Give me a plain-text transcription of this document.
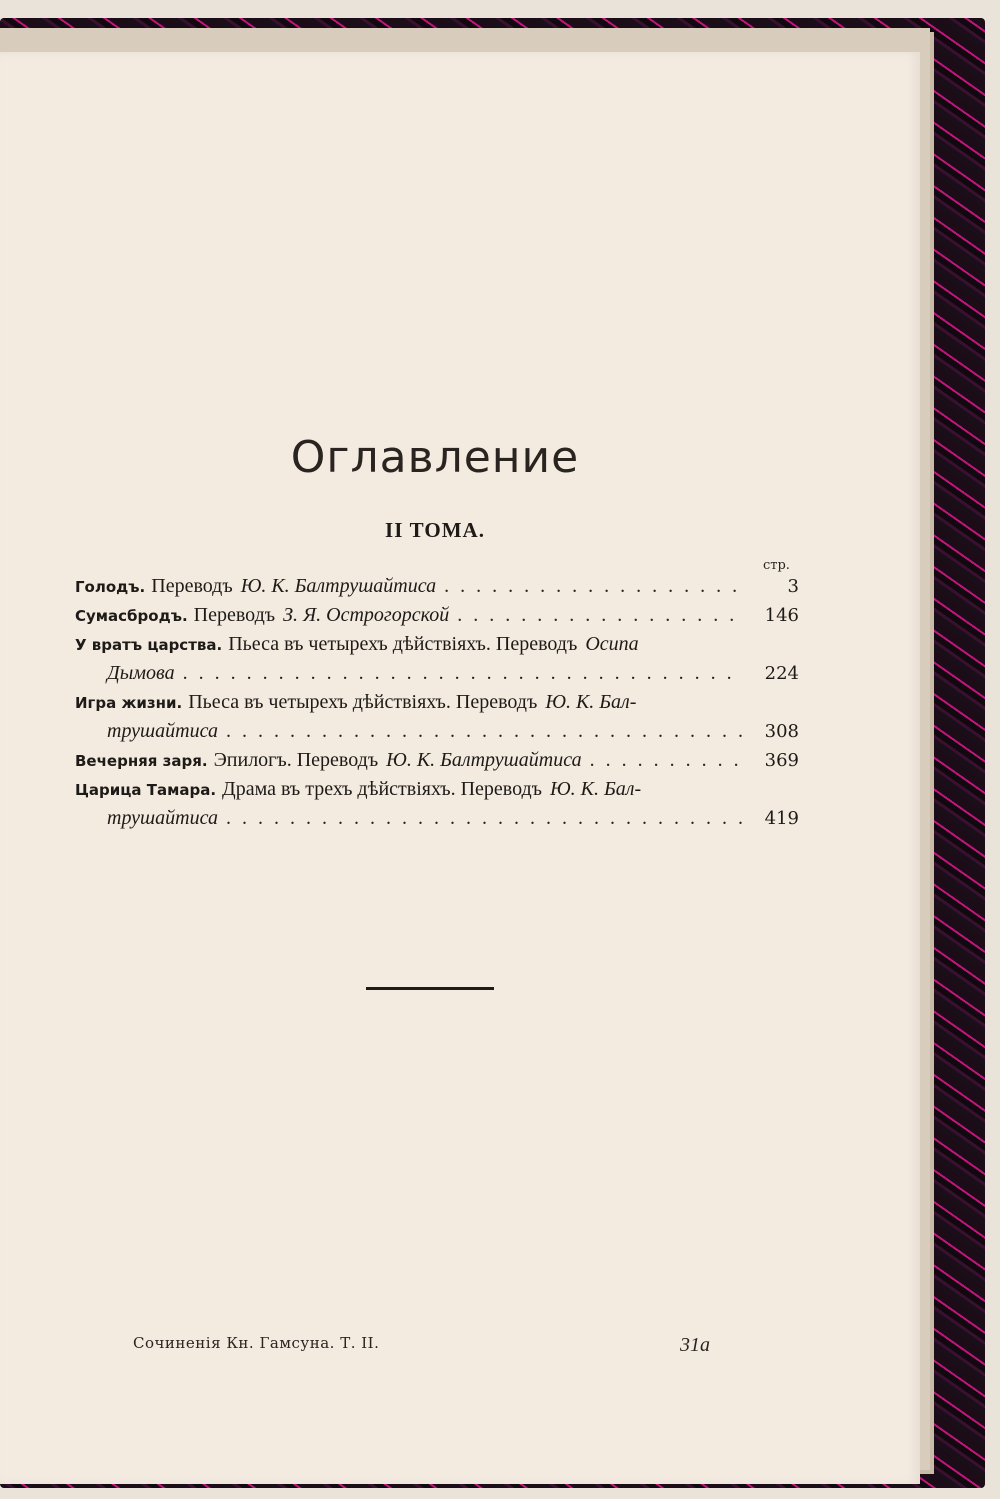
Оглавлениe
II ТОМА.
стр.
Голодъ. Переводъ Ю. К. Балтрушайтиса . . .	3
Сумасбродъ. Переводъ З. Я. Острогорской . . .	146
У вратъ царства. Пьеса въ четырехъ дѣйствіяхъ. Переводъ Осипа
Дымова . . .	224
Игра жизни. Пьеса въ четырехъ дѣйствіяхъ. Переводъ Ю. К. Бал-
трушайтиса . . .	308
Вечерняя заря. Эпилогъ. Переводъ Ю. К. Балтрушайтиса . . .	369
Царица Тамара. Драма въ трехъ дѣйствіяхъ. Переводъ Ю. К. Бал-
трушайтиса . . .	419
Сочиненія Кн. Гамсуна. Т. II.	31а
